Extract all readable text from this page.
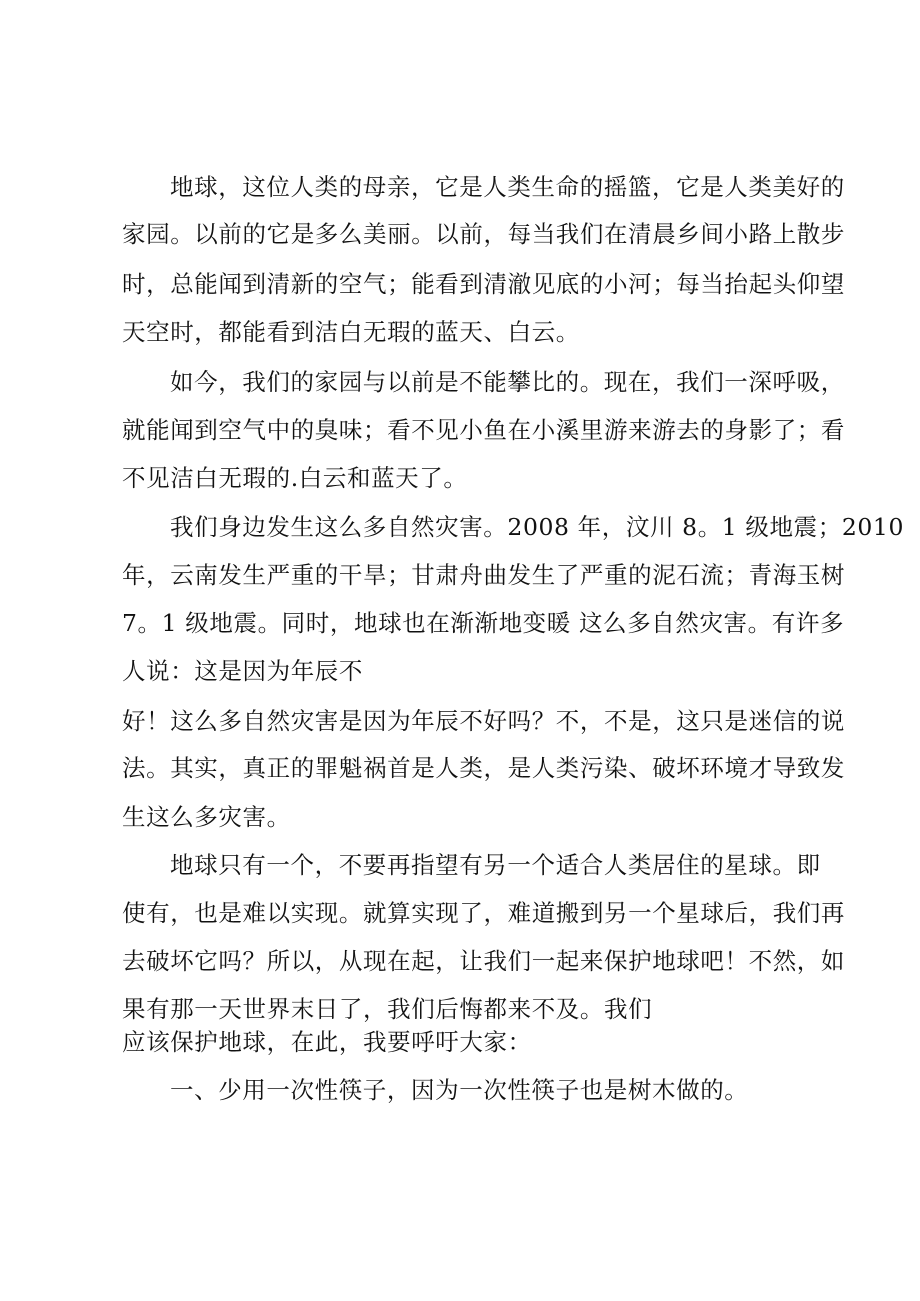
地球，这位人类的母亲，它是人类生命的摇篮，它是人类美好的
家园。以前的它是多么美丽。以前，每当我们在清晨乡间小路上散步
时，总能闻到清新的空气；能看到清澈见底的小河；每当抬起头仰望
天空时，都能看到洁白无瑕的蓝天、白云。
如今，我们的家园与以前是不能攀比的。现在，我们一深呼吸，
就能闻到空气中的臭味；看不见小鱼在小溪里游来游去的身影了；看
不见洁白无瑕的.白云和蓝天了。
我们身边发生这么多自然灾害。2008 年，汶川 8。1 级地震；2010
年，云南发生严重的干旱；甘肃舟曲发生了严重的泥石流；青海玉树
7。1 级地震。同时，地球也在渐渐地变暖 这么多自然灾害。有许多
人说：这是因为年辰不
好！这么多自然灾害是因为年辰不好吗？不，不是，这只是迷信的说
法。其实，真正的罪魁祸首是人类，是人类污染、破坏环境才导致发
生这么多灾害。
地球只有一个，不要再指望有另一个适合人类居住的星球。即
使有，也是难以实现。就算实现了，难道搬到另一个星球后，我们再
去破坏它吗？所以，从现在起，让我们一起来保护地球吧！不然，如
果有那一天世界末日了，我们后悔都来不及。我们
应该保护地球，在此，我要呼吁大家：
一、少用一次性筷子，因为一次性筷子也是树木做的。
